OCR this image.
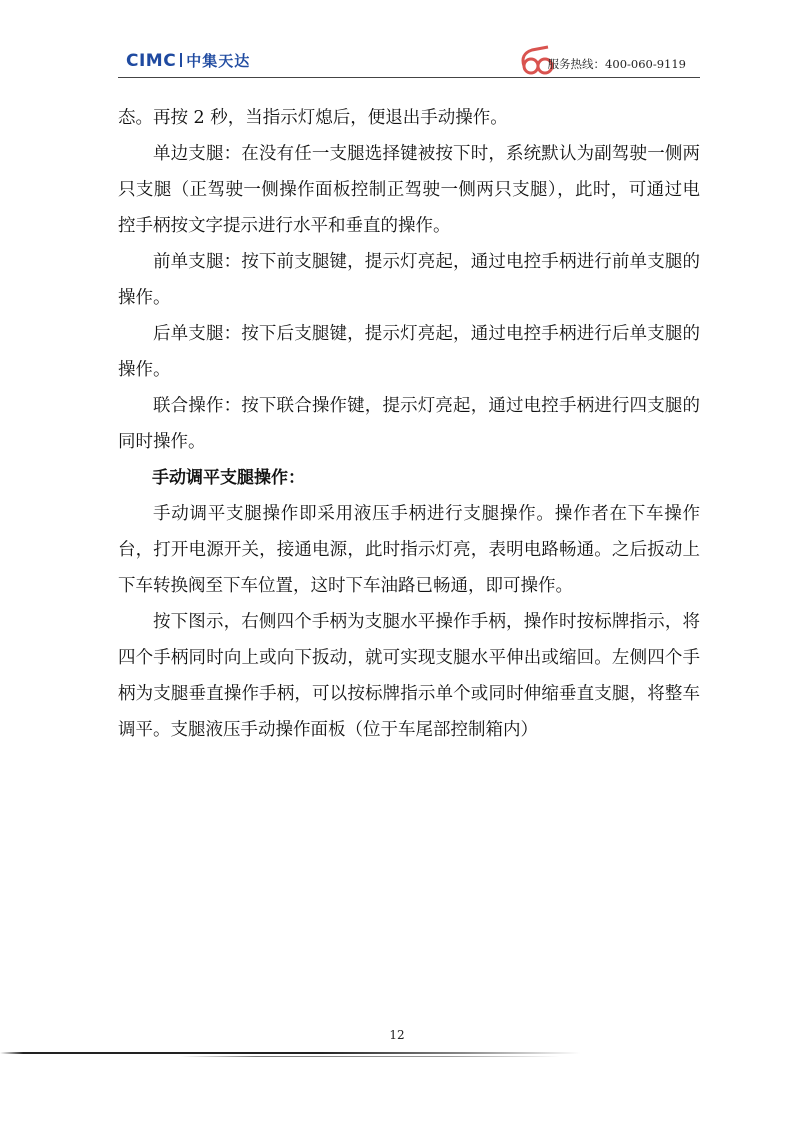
CIMC 中集天达	服务热线：400-060-9119

态。再按 2 秒，当指示灯熄后，便退出手动操作。

单边支腿：在没有任一支腿选择键被按下时，系统默认为副驾驶一侧两只支腿（正驾驶一侧操作面板控制正驾驶一侧两只支腿），此时，可通过电控手柄按文字提示进行水平和垂直的操作。

前单支腿：按下前支腿键，提示灯亮起，通过电控手柄进行前单支腿的操作。

后单支腿：按下后支腿键，提示灯亮起，通过电控手柄进行后单支腿的操作。

联合操作：按下联合操作键，提示灯亮起，通过电控手柄进行四支腿的同时操作。

手动调平支腿操作：

手动调平支腿操作即采用液压手柄进行支腿操作。操作者在下车操作台，打开电源开关，接通电源，此时指示灯亮，表明电路畅通。之后扳动上下车转换阀至下车位置，这时下车油路已畅通，即可操作。

按下图示，右侧四个手柄为支腿水平操作手柄，操作时按标牌指示，将四个手柄同时向上或向下扳动，就可实现支腿水平伸出或缩回。左侧四个手柄为支腿垂直操作手柄，可以按标牌指示单个或同时伸缩垂直支腿，将整车调平。支腿液压手动操作面板（位于车尾部控制箱内）

12
